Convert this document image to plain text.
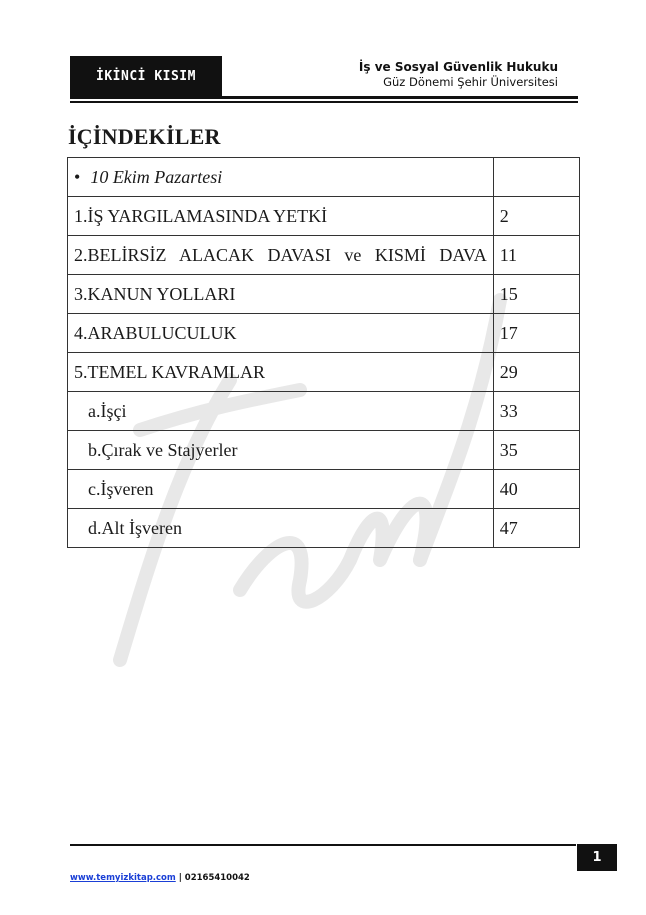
İKİNCİ KISIM
İş ve Sosyal Güvenlik Hukuku
Güz Dönemi Şehir Üniversitesi
İÇİNDEKİLER
• 10 Ekim Pazartesi	
1.İŞ YARGILAMASINDA YETKİ	2
2.BELİRSİZ ALACAK DAVASI ve KISMİ DAVA	11
3.KANUN YOLLARI	15
4.ARABULUCULUK	17
5.TEMEL KAVRAMLAR	29
a.İşçi	33
b.Çırak ve Stajyerler	35
c.İşveren	40
d.Alt İşveren	47
1
www.temyizkitap.com | 02165410042
